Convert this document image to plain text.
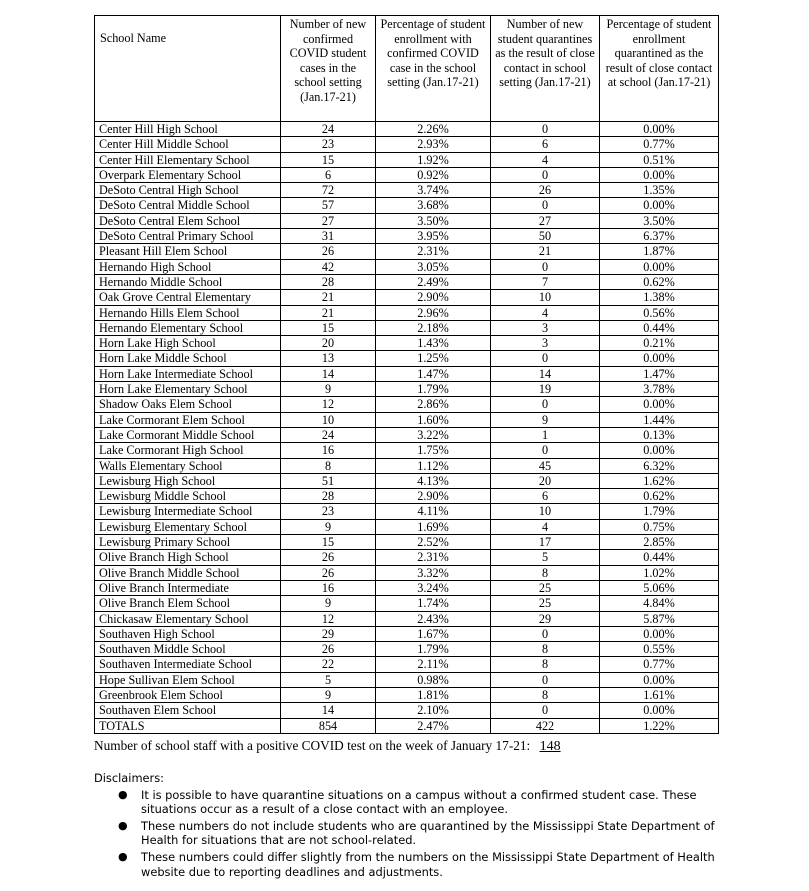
School Name	Number of new confirmed COVID student cases in the school setting (Jan.17-21)	Percentage of student enrollment with confirmed COVID case in the school setting (Jan.17-21)	Number of new student quarantines as the result of close contact in school setting (Jan.17-21)	Percentage of student enrollment quarantined as the result of close contact at school (Jan.17-21)
Center Hill High School	24	2.26%	0	0.00%
Center Hill Middle School	23	2.93%	6	0.77%
Center Hill Elementary School	15	1.92%	4	0.51%
Overpark Elementary School	6	0.92%	0	0.00%
DeSoto Central High School	72	3.74%	26	1.35%
DeSoto Central Middle School	57	3.68%	0	0.00%
DeSoto Central Elem School	27	3.50%	27	3.50%
DeSoto Central Primary School	31	3.95%	50	6.37%
Pleasant Hill Elem School	26	2.31%	21	1.87%
Hernando High School	42	3.05%	0	0.00%
Hernando Middle School	28	2.49%	7	0.62%
Oak Grove Central Elementary	21	2.90%	10	1.38%
Hernando Hills Elem School	21	2.96%	4	0.56%
Hernando Elementary School	15	2.18%	3	0.44%
Horn Lake High School	20	1.43%	3	0.21%
Horn Lake Middle School	13	1.25%	0	0.00%
Horn Lake Intermediate School	14	1.47%	14	1.47%
Horn Lake Elementary School	9	1.79%	19	3.78%
Shadow Oaks Elem School	12	2.86%	0	0.00%
Lake Cormorant Elem School	10	1.60%	9	1.44%
Lake Cormorant Middle School	24	3.22%	1	0.13%
Lake Cormorant High School	16	1.75%	0	0.00%
Walls Elementary School	8	1.12%	45	6.32%
Lewisburg High School	51	4.13%	20	1.62%
Lewisburg Middle School	28	2.90%	6	0.62%
Lewisburg Intermediate School	23	4.11%	10	1.79%
Lewisburg Elementary School	9	1.69%	4	0.75%
Lewisburg Primary School	15	2.52%	17	2.85%
Olive Branch High School	26	2.31%	5	0.44%
Olive Branch Middle School	26	3.32%	8	1.02%
Olive Branch Intermediate	16	3.24%	25	5.06%
Olive Branch Elem School	9	1.74%	25	4.84%
Chickasaw Elementary School	12	2.43%	29	5.87%
Southaven High School	29	1.67%	0	0.00%
Southaven Middle School	26	1.79%	8	0.55%
Southaven Intermediate School	22	2.11%	8	0.77%
Hope Sullivan Elem School	5	0.98%	0	0.00%
Greenbrook Elem School	9	1.81%	8	1.61%
Southaven Elem School	14	2.10%	0	0.00%
TOTALS	854	2.47%	422	1.22%
Number of school staff with a positive COVID test on the week of January 17-21: 148
Disclaimers:
● It is possible to have quarantine situations on a campus without a confirmed student case. These situations occur as a result of a close contact with an employee.
● These numbers do not include students who are quarantined by the Mississippi State Department of Health for situations that are not school-related.
● These numbers could differ slightly from the numbers on the Mississippi State Department of Health website due to reporting deadlines and adjustments.
